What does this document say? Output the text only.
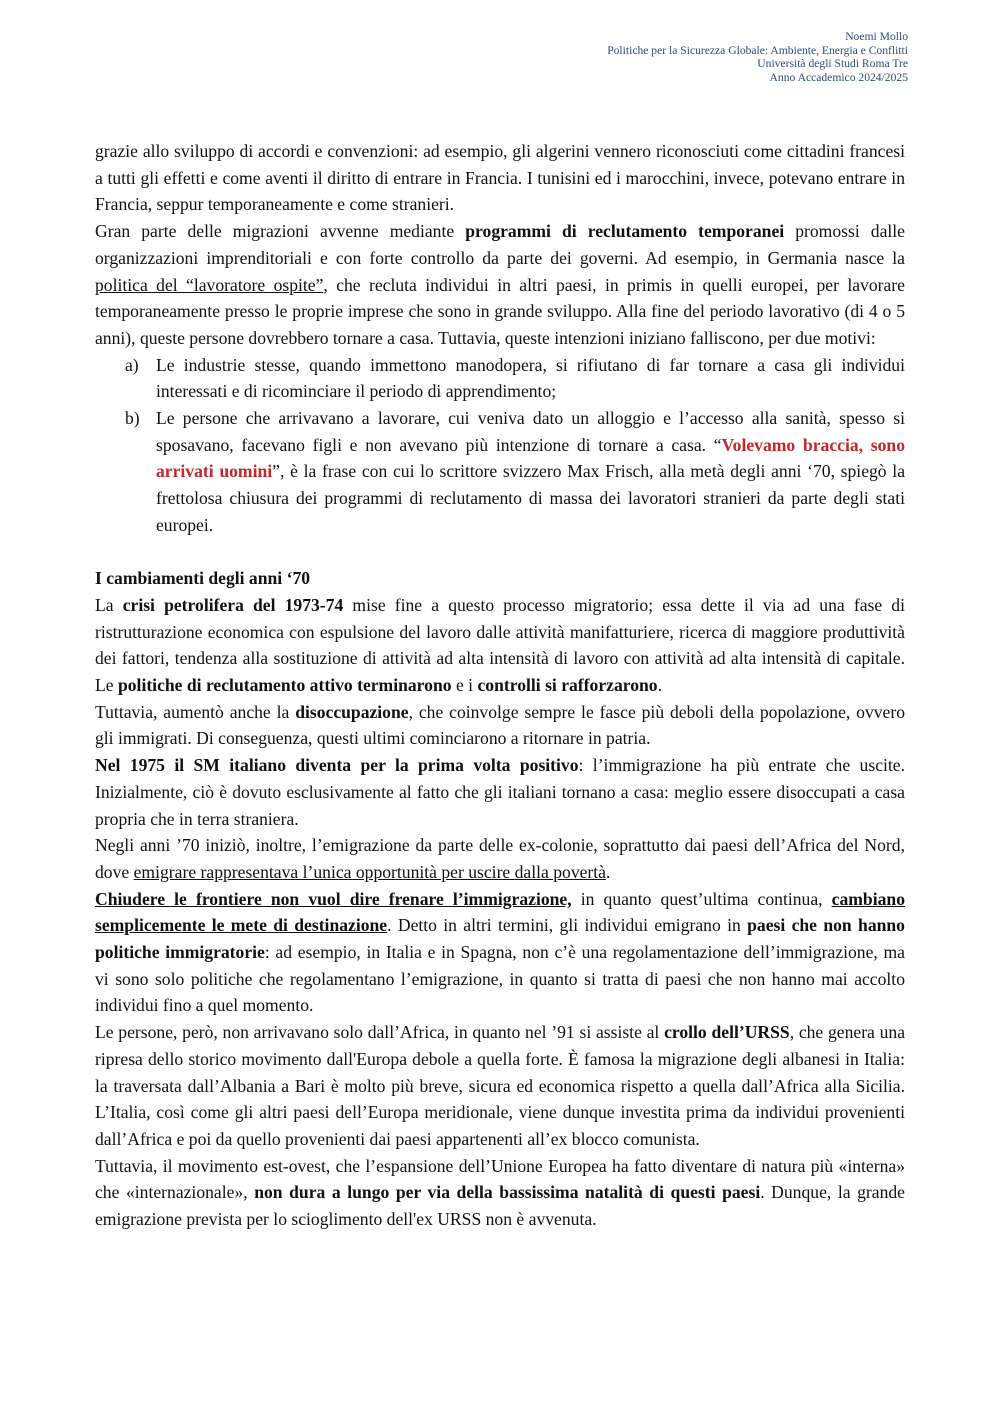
Noemi Mollo
Politiche per la Sicurezza Globale: Ambiente, Energia e Conflitti
Università degli Studi Roma Tre
Anno Accademico 2024/2025

grazie allo sviluppo di accordi e convenzioni: ad esempio, gli algerini vennero riconosciuti come cittadini francesi a tutti gli effetti e come aventi il diritto di entrare in Francia. I tunisini ed i marocchini, invece, potevano entrare in Francia, seppur temporaneamente e come stranieri.

Gran parte delle migrazioni avvenne mediante programmi di reclutamento temporanei promossi dalle organizzazioni imprenditoriali e con forte controllo da parte dei governi. Ad esempio, in Germania nasce la politica del “lavoratore ospite”, che recluta individui in altri paesi, in primis in quelli europei, per lavorare temporaneamente presso le proprie imprese che sono in grande sviluppo. Alla fine del periodo lavorativo (di 4 o 5 anni), queste persone dovrebbero tornare a casa. Tuttavia, queste intenzioni iniziano falliscono, per due motivi:

a) Le industrie stesse, quando immettono manodopera, si rifiutano di far tornare a casa gli individui interessati e di ricominciare il periodo di apprendimento;
b) Le persone che arrivavano a lavorare, cui veniva dato un alloggio e l’accesso alla sanità, spesso si sposavano, facevano figli e non avevano più intenzione di tornare a casa. “Volevamo braccia, sono arrivati uomini”, è la frase con cui lo scrittore svizzero Max Frisch, alla metà degli anni ‘70, spiegò la frettolosa chiusura dei programmi di reclutamento di massa dei lavoratori stranieri da parte degli stati europei.
I cambiamenti degli anni ‘70

La crisi petrolifera del 1973-74 mise fine a questo processo migratorio; essa dette il via ad una fase di ristrutturazione economica con espulsione del lavoro dalle attività manifatturiere, ricerca di maggiore produttività dei fattori, tendenza alla sostituzione di attività ad alta intensità di lavoro con attività ad alta intensità di capitale. Le politiche di reclutamento attivo terminarono e i controlli si rafforzarono.

Tuttavia, aumentò anche la disoccupazione, che coinvolge sempre le fasce più deboli della popolazione, ovvero gli immigrati. Di conseguenza, questi ultimi cominciarono a ritornare in patria.

Nel 1975 il SM italiano diventa per la prima volta positivo: l’immigrazione ha più entrate che uscite. Inizialmente, ciò è dovuto esclusivamente al fatto che gli italiani tornano a casa: meglio essere disoccupati a casa propria che in terra straniera.

Negli anni ’70 iniziò, inoltre, l’emigrazione da parte delle ex-colonie, soprattutto dai paesi dell’Africa del Nord, dove emigrare rappresentava l’unica opportunità per uscire dalla povertà.

Chiudere le frontiere non vuol dire frenare l’immigrazione, in quanto quest’ultima continua, cambiano semplicemente le mete di destinazione. Detto in altri termini, gli individui emigrano in paesi che non hanno politiche immigratorie: ad esempio, in Italia e in Spagna, non c’è una regolamentazione dell’immigrazione, ma vi sono solo politiche che regolamentano l’emigrazione, in quanto si tratta di paesi che non hanno mai accolto individui fino a quel momento.

Le persone, però, non arrivavano solo dall’Africa, in quanto nel ’91 si assiste al crollo dell’URSS, che genera una ripresa dello storico movimento dall'Europa debole a quella forte. È famosa la migrazione degli albanesi in Italia: la traversata dall’Albania a Bari è molto più breve, sicura ed economica rispetto a quella dall’Africa alla Sicilia. L’Italia, così come gli altri paesi dell’Europa meridionale, viene dunque investita prima da individui provenienti dall’Africa e poi da quello provenienti dai paesi appartenenti all’ex blocco comunista.

Tuttavia, il movimento est-ovest, che l’espansione dell’Unione Europea ha fatto diventare di natura più «interna» che «internazionale», non dura a lungo per via della bassissima natalità di questi paesi. Dunque, la grande emigrazione prevista per lo scioglimento dell'ex URSS non è avvenuta.
